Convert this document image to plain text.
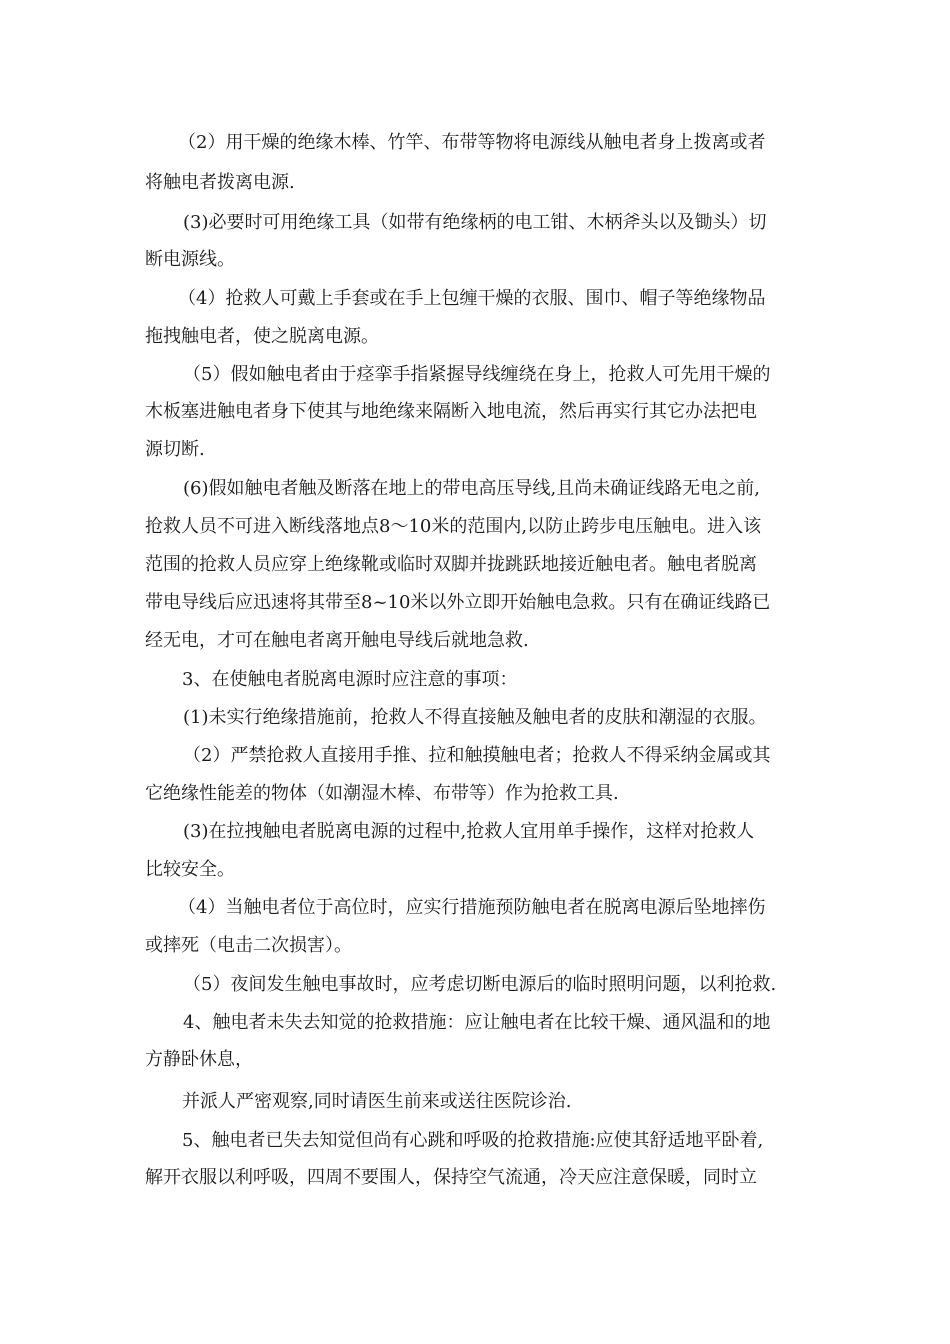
（2）用干燥的绝缘木棒、竹竿、布带等物将电源线从触电者身上拨离或者
将触电者拨离电源.
(3)必要时可用绝缘工具（如带有绝缘柄的电工钳、木柄斧头以及锄头）切
断电源线。
（4）抢救人可戴上手套或在手上包缠干燥的衣服、围巾、帽子等绝缘物品
拖拽触电者，使之脱离电源。
（5）假如触电者由于痉挛手指紧握导线缠绕在身上，抢救人可先用干燥的
木板塞进触电者身下使其与地绝缘来隔断入地电流，然后再实行其它办法把电
源切断.
(6)假如触电者触及断落在地上的带电高压导线,且尚未确证线路无电之前,
抢救人员不可进入断线落地点8～10米的范围内,以防止跨步电压触电。进入该
范围的抢救人员应穿上绝缘靴或临时双脚并拢跳跃地接近触电者。触电者脱离
带电导线后应迅速将其带至8~10米以外立即开始触电急救。只有在确证线路已
经无电，才可在触电者离开触电导线后就地急救.
3、在使触电者脱离电源时应注意的事项：
(1)未实行绝缘措施前，抢救人不得直接触及触电者的皮肤和潮湿的衣服。
（2）严禁抢救人直接用手推、拉和触摸触电者；抢救人不得采纳金属或其
它绝缘性能差的物体（如潮湿木棒、布带等）作为抢救工具.
(3)在拉拽触电者脱离电源的过程中,抢救人宜用单手操作，这样对抢救人
比较安全。
（4）当触电者位于高位时，应实行措施预防触电者在脱离电源后坠地摔伤
或摔死（电击二次损害）。
（5）夜间发生触电事故时，应考虑切断电源后的临时照明问题，以利抢救.
4、触电者未失去知觉的抢救措施：应让触电者在比较干燥、通风温和的地
方静卧休息，
并派人严密观察,同时请医生前来或送往医院诊治.
5、触电者已失去知觉但尚有心跳和呼吸的抢救措施:应使其舒适地平卧着,
解开衣服以利呼吸，四周不要围人，保持空气流通，冷天应注意保暖，同时立
